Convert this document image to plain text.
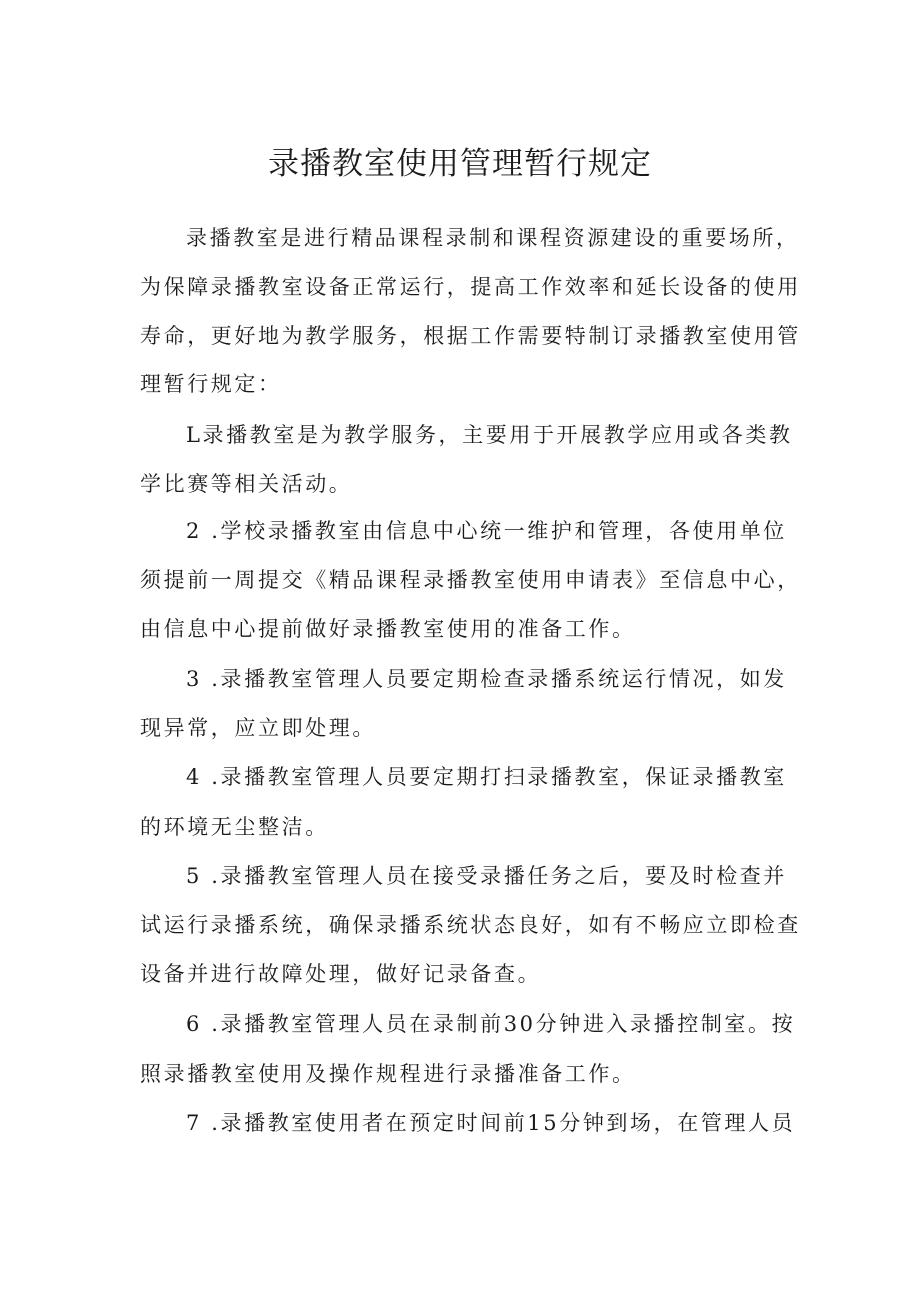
录播教室使用管理暂行规定
录播教室是进行精品课程录制和课程资源建设的重要场所，
为保障录播教室设备正常运行，提高工作效率和延长设备的使用
寿命，更好地为教学服务，根据工作需要特制订录播教室使用管
理暂行规定：
L录播教室是为教学服务，主要用于开展教学应用或各类教
学比赛等相关活动。
2 .学校录播教室由信息中心统一维护和管理，各使用单位
须提前一周提交《精品课程录播教室使用申请表》至信息中心，
由信息中心提前做好录播教室使用的准备工作。
3 .录播教室管理人员要定期检查录播系统运行情况，如发
现异常，应立即处理。
4 .录播教室管理人员要定期打扫录播教室，保证录播教室
的环境无尘整洁。
5 .录播教室管理人员在接受录播任务之后，要及时检查并
试运行录播系统，确保录播系统状态良好，如有不畅应立即检查
设备并进行故障处理，做好记录备查。
6 .录播教室管理人员在录制前30分钟进入录播控制室。按
照录播教室使用及操作规程进行录播准备工作。
7 .录播教室使用者在预定时间前15分钟到场，在管理人员
